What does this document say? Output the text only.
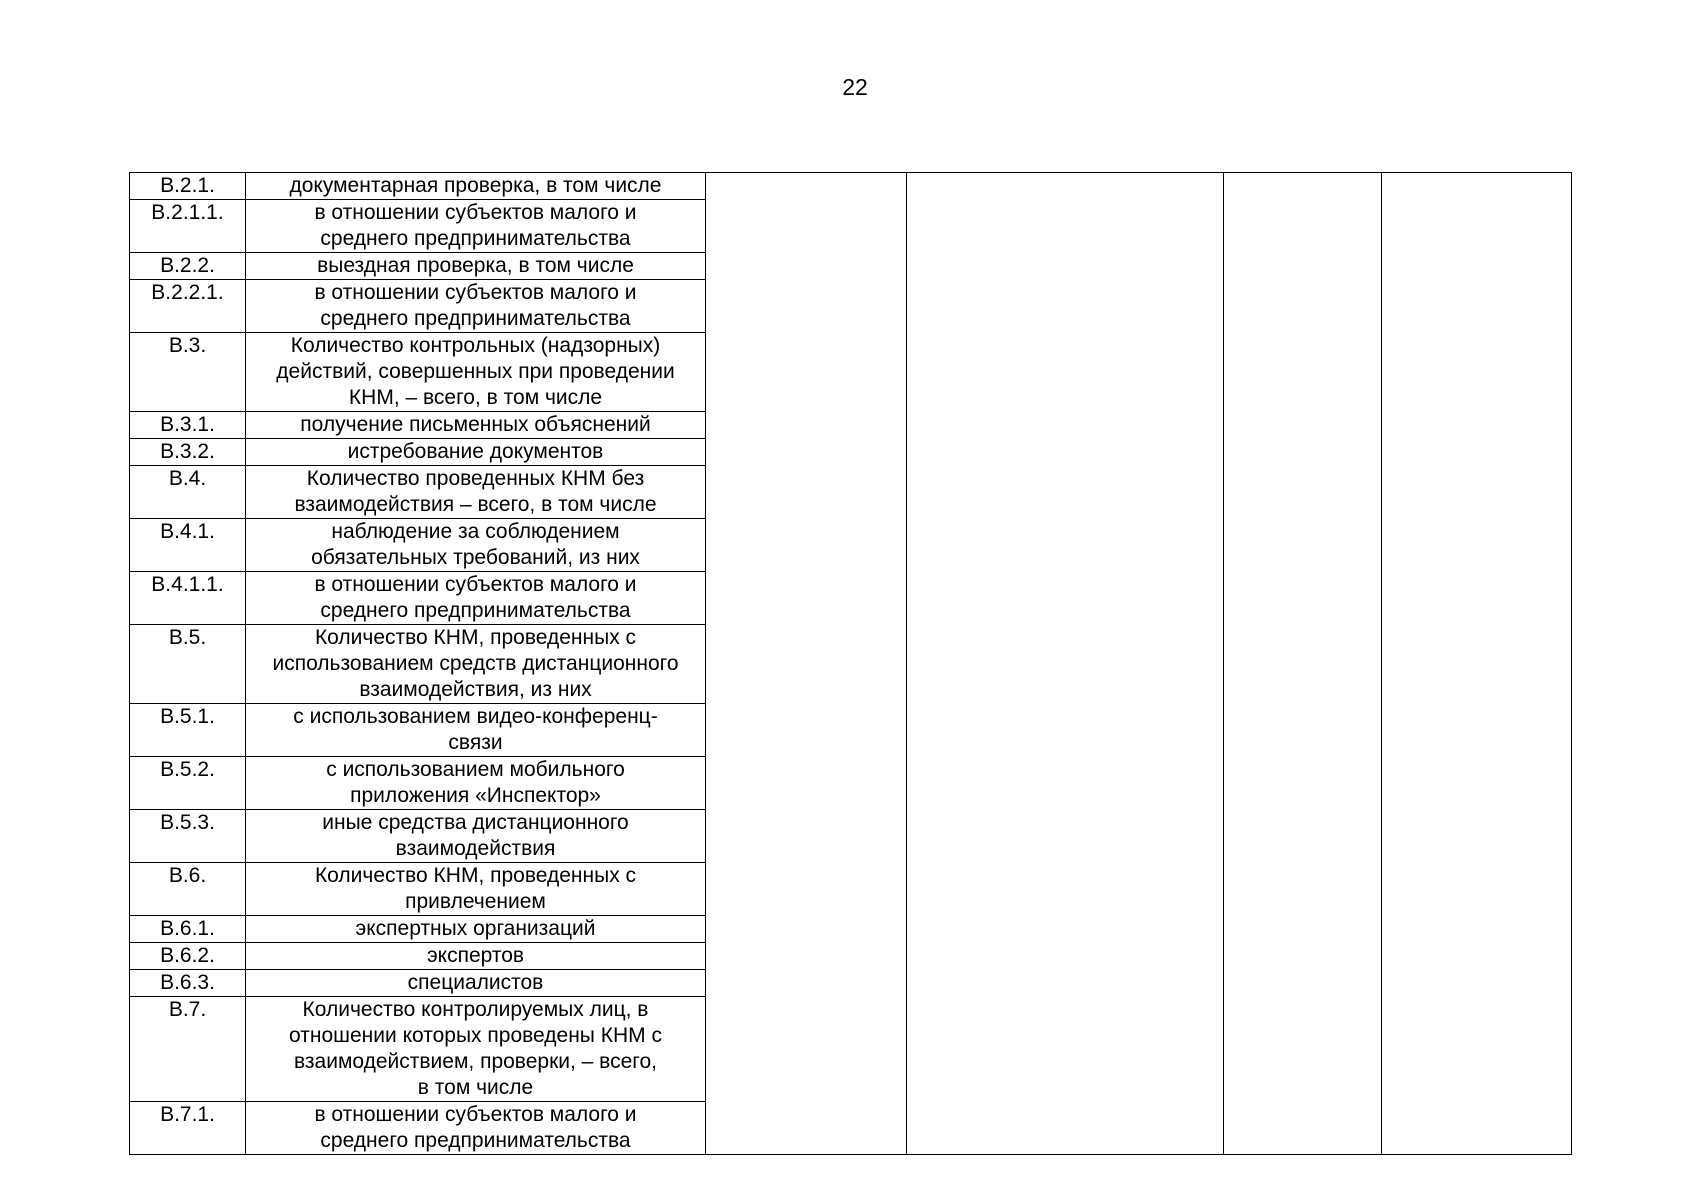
22
В.2.1.	документарная проверка, в том числе				

В.2.1.1.	в отношении субъектов малого и
среднего предпринимательства				

В.2.2.	выездная проверка, в том числе				

В.2.2.1.	в отношении субъектов малого и
среднего предпринимательства				

В.3.	Количество контрольных (надзорных)
действий, совершенных при проведении
КНМ, – всего, в том числе				

В.3.1.	получение письменных объяснений				

В.3.2.	истребование документов				

В.4.	Количество проведенных КНМ без
взаимодействия – всего, в том числе				

В.4.1.	наблюдение за соблюдением
обязательных требований, из них				

В.4.1.1.	в отношении субъектов малого и
среднего предпринимательства				

В.5.	Количество КНМ, проведенных с
использованием средств дистанционного
взаимодействия, из них				

В.5.1.	с использованием видео-конференц-
связи				

В.5.2.	с использованием мобильного
приложения «Инспектор»				

В.5.3.	иные средства дистанционного
взаимодействия				

В.6.	Количество КНМ, проведенных с
привлечением				

В.6.1.	экспертных организаций				

В.6.2.	экспертов				

В.6.3.	специалистов				

В.7.	Количество контролируемых лиц, в
отношении которых проведены КНМ с
взаимодействием, проверки, – всего,
в том числе				

В.7.1.	в отношении субъектов малого и
среднего предпринимательства				
